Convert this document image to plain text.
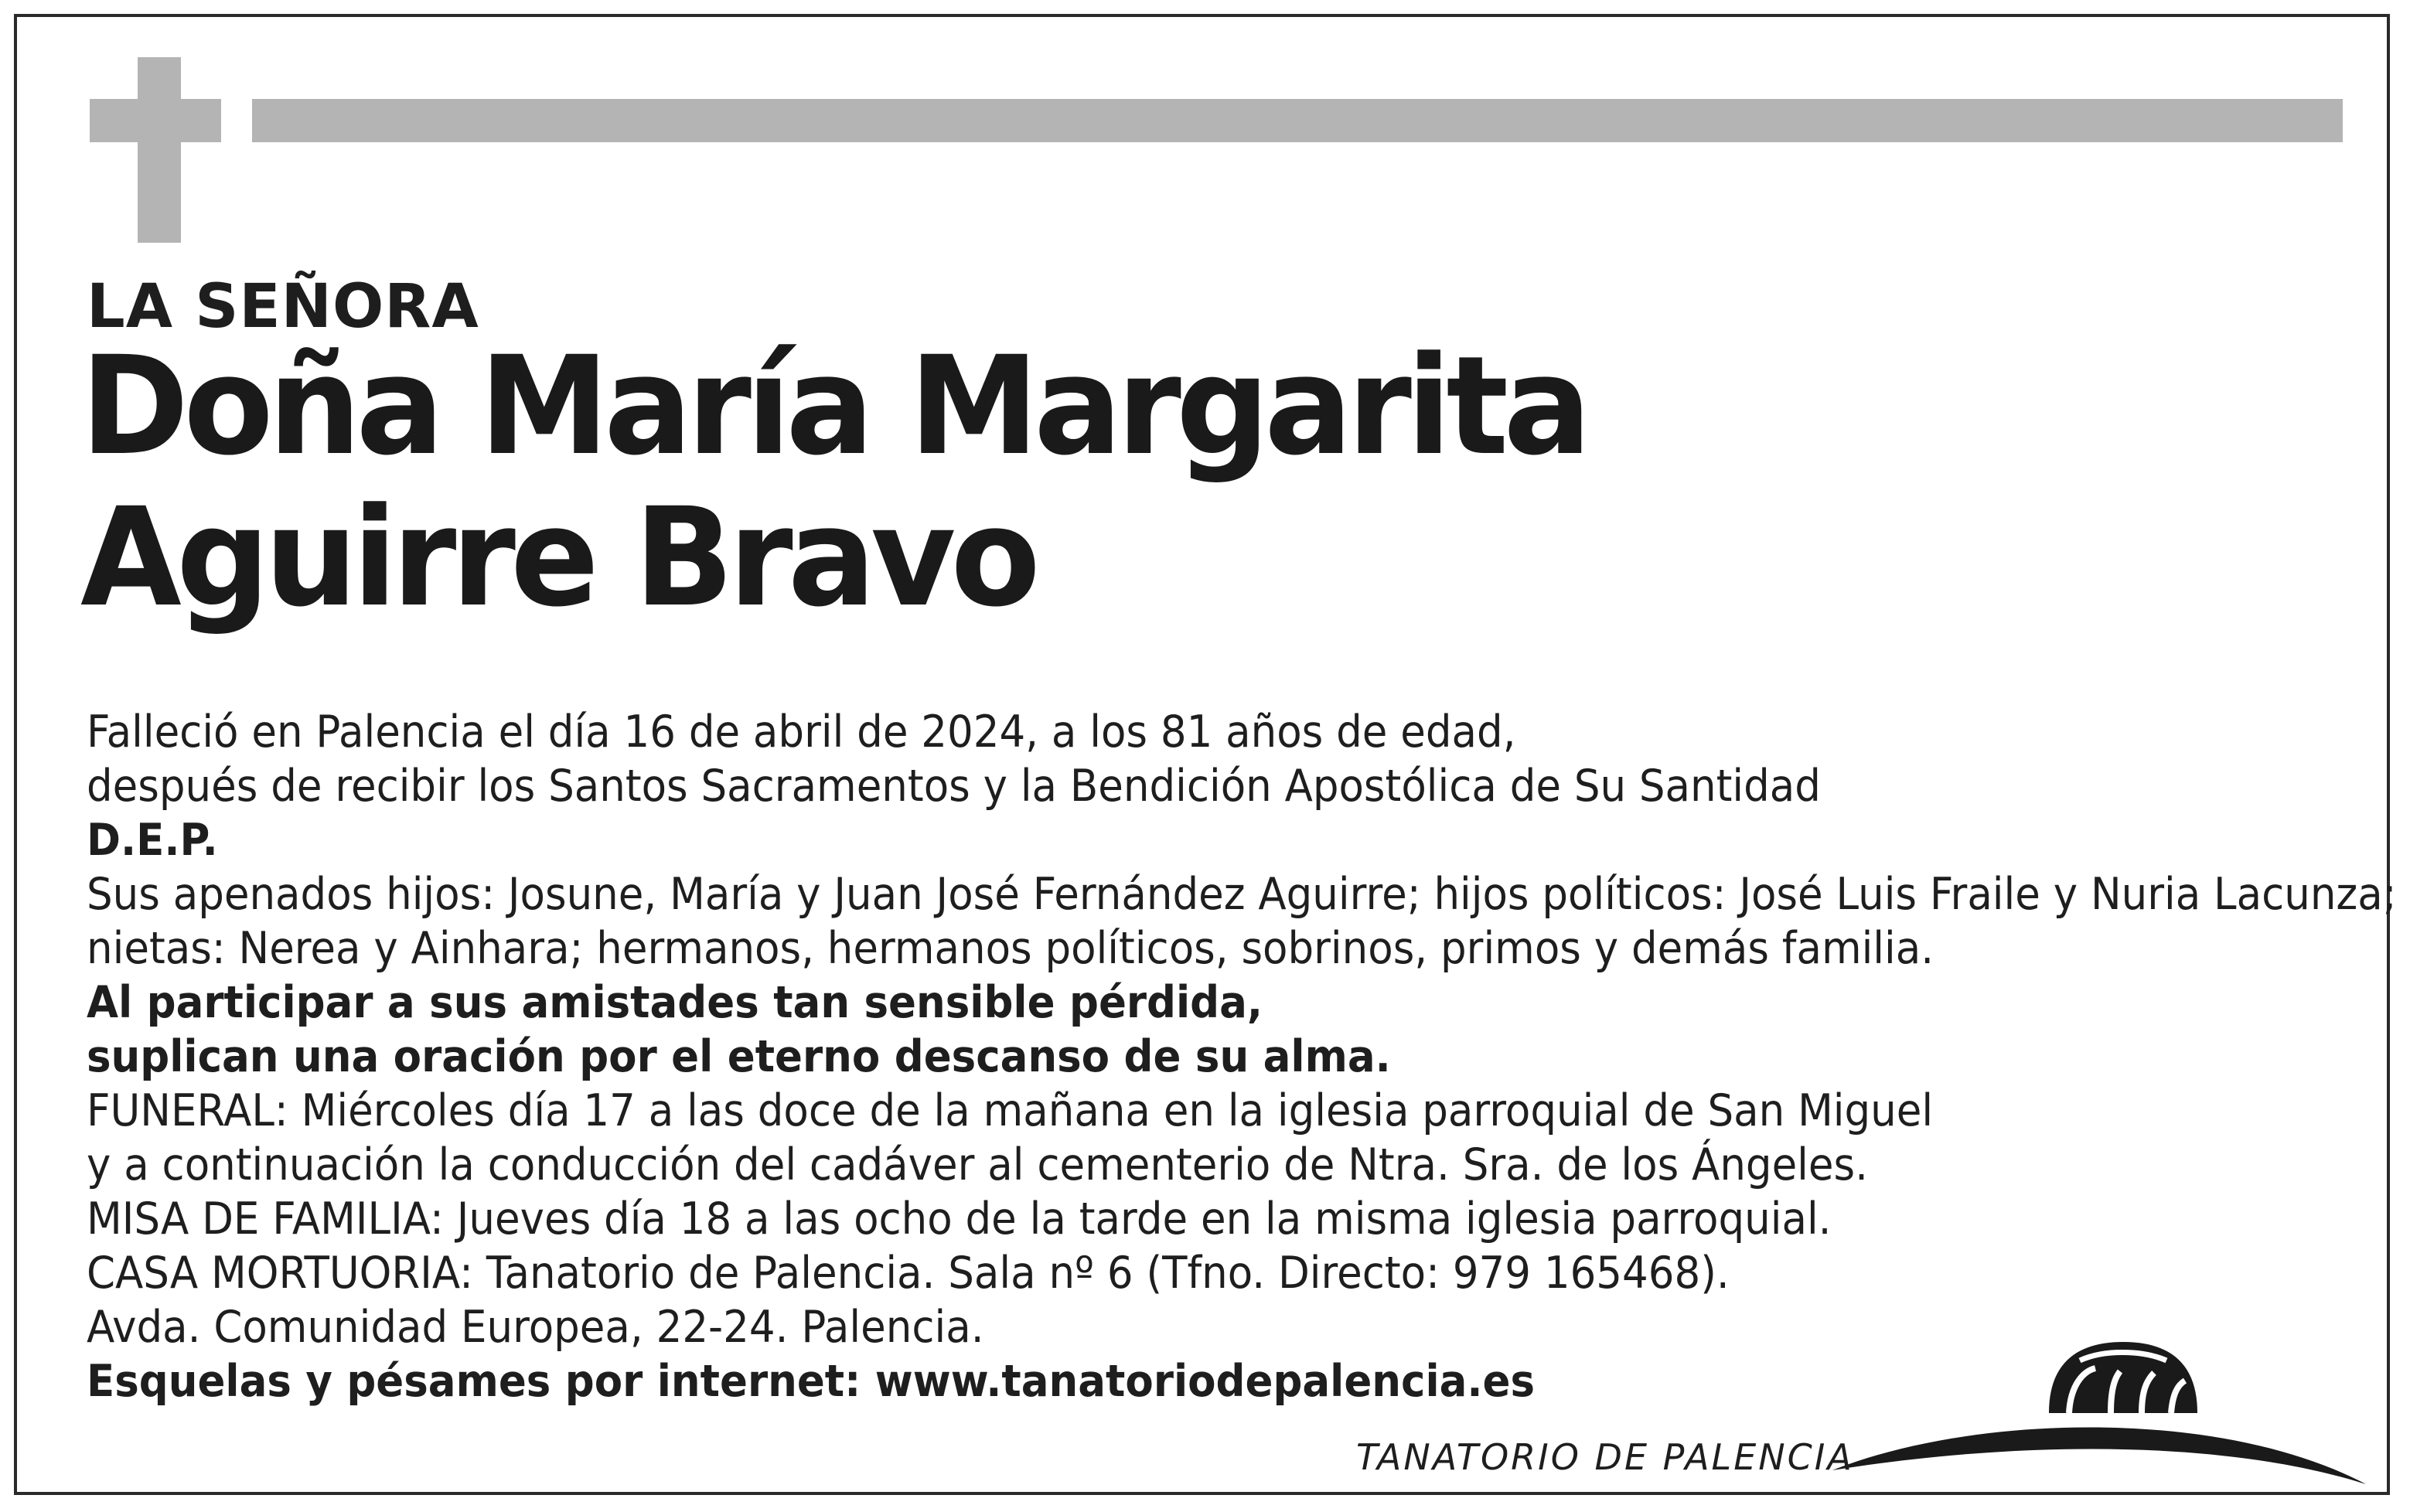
LA SEÑORA
Doña María Margarita
Aguirre Bravo
Falleció en Palencia el día 16 de abril de 2024, a los 81 años de edad,
después de recibir los Santos Sacramentos y la Bendición Apostólica de Su Santidad
D.E.P.
Sus apenados hijos: Josune, María y Juan José Fernández Aguirre; hijos políticos: José Luis Fraile y Nuria Lacunza;
nietas: Nerea y Ainhara; hermanos, hermanos políticos, sobrinos, primos y demás familia.
Al participar a sus amistades tan sensible pérdida,
suplican una oración por el eterno descanso de su alma.
FUNERAL: Miércoles día 17 a las doce de la mañana en la iglesia parroquial de San Miguel
y a continuación la conducción del cadáver al cementerio de Ntra. Sra. de los Ángeles.
MISA DE FAMILIA: Jueves día 18 a las ocho de la tarde en la misma iglesia parroquial.
CASA MORTUORIA: Tanatorio de Palencia. Sala nº 6 (Tfno. Directo: 979 165468).
Avda. Comunidad Europea, 22-24. Palencia.
Esquelas y pésames por internet: www.tanatoriodepalencia.es
TANATORIO DE PALENCIA
